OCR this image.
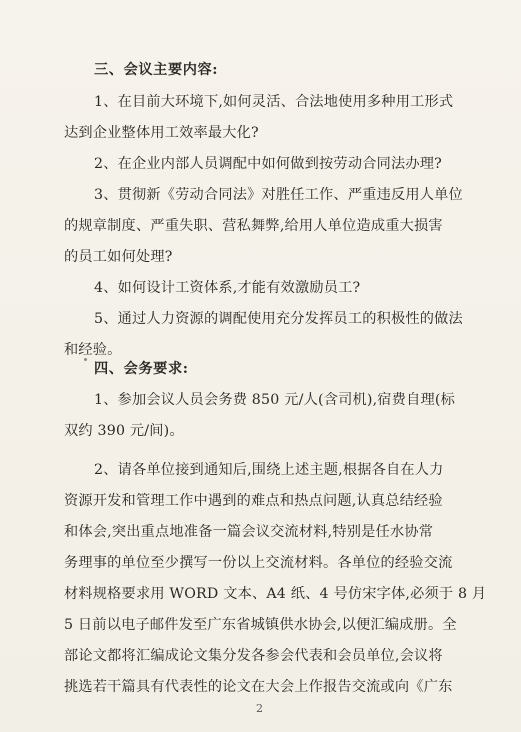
三、会议主要内容:
1、在目前大环境下,如何灵活、合法地使用多种用工形式
达到企业整体用工效率最大化?
2、在企业内部人员调配中如何做到按劳动合同法办理?
3、贯彻新《劳动合同法》对胜任工作、严重违反用人单位
的规章制度、严重失职、营私舞弊,给用人单位造成重大损害
的员工如何处理?
4、如何设计工资体系,才能有效激励员工?
5、通过人力资源的调配使用充分发挥员工的积极性的做法
和经验。
四、会务要求:
1、参加会议人员会务费 850 元/人(含司机),宿费自理(标
双约 390 元/间)。
2、请各单位接到通知后,围绕上述主题,根据各自在人力
资源开发和管理工作中遇到的难点和热点问题,认真总结经验
和体会,突出重点地准备一篇会议交流材料,特别是任水协常
务理事的单位至少撰写一份以上交流材料。各单位的经验交流
材料规格要求用 WORD 文本、A4 纸、4 号仿宋字体,必须于 8 月
5 日前以电子邮件发至广东省城镇供水协会,以便汇编成册。全
部论文都将汇编成论文集分发各参会代表和会员单位,会议将
挑选若干篇具有代表性的论文在大会上作报告交流或向《广东
2
